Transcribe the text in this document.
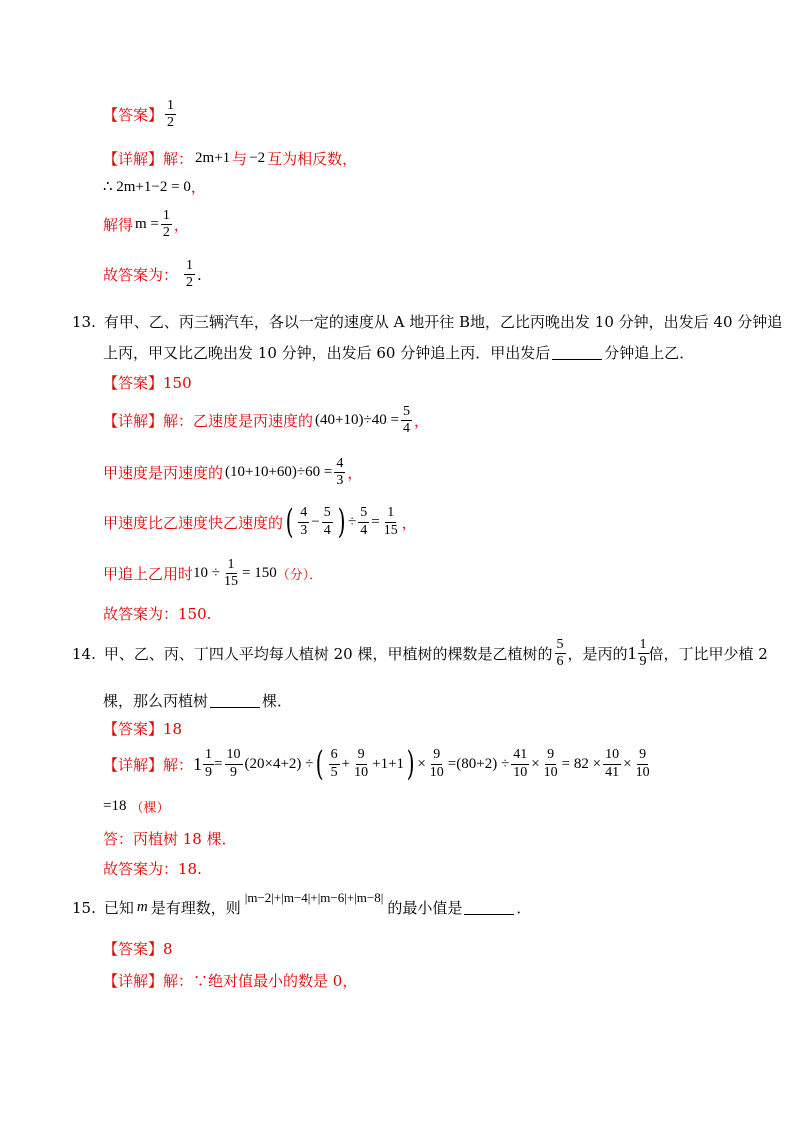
【答案】 $\frac{1}{2}$
【详解】 解： 2m+1 与 −2 互为相反数，
∴ 2m+1−2 = 0 ，
解得 $m = \frac{1}{2}$ ，
故答案为： $\frac{1}{2}$ .
13. 有甲、乙、丙三辆汽车，各以一定的速度从 A 地开往 B地，乙比丙晚出发 10 分钟，出发后 40 分钟追
上丙，甲又比乙晚出发 10 分钟，出发后 60 分钟追上丙．甲出发后	分钟追上乙．
【答案】 150
【详解】 解：乙速度是丙速度的 $(40+10)\div 40 = \frac{5}{4}$ ，
甲速度是丙速度的 $(10+10+60)\div 60 = \frac{4}{3}$ ，
甲速度比乙速度快乙速度的 ( $\frac{4}{3} - \frac{5}{4}$ ) ÷ $\frac{5}{4} = \frac{1}{15}$ ，
甲追上乙用时 $10 \div \frac{1}{15} = 150$ （分）．
故答案为：150.
14. 甲、乙、丙、丁四人平均每人植树 20 棵，甲植树的棵数是乙植树的 $\frac{5}{6}$ ，是丙的 $1 \frac{1}{9}$ 倍，丁比甲少植 2
棵，那么丙植树	棵．
【答案】 18
【详解】 解： $1 \frac{1}{9} = \frac{10}{9} (20\times 4+2)$ ÷ ( $\frac{6}{5} + \frac{9}{10} +1+1$ ) × $\frac{9}{10} =(80+2) \div \frac{41}{10} \times \frac{9}{10} = 82 \times \frac{10}{41} \times \frac{9}{10}$
=18 （棵）
答：丙植树 18 棵．
故答案为：18.
15. 已知 m 是有理数，则
|m−2|+|m−4|+|m−6|+|m−8|
的最小值是	．
【答案】 8
【详解】 解：∵绝对值最小的数是 0，
